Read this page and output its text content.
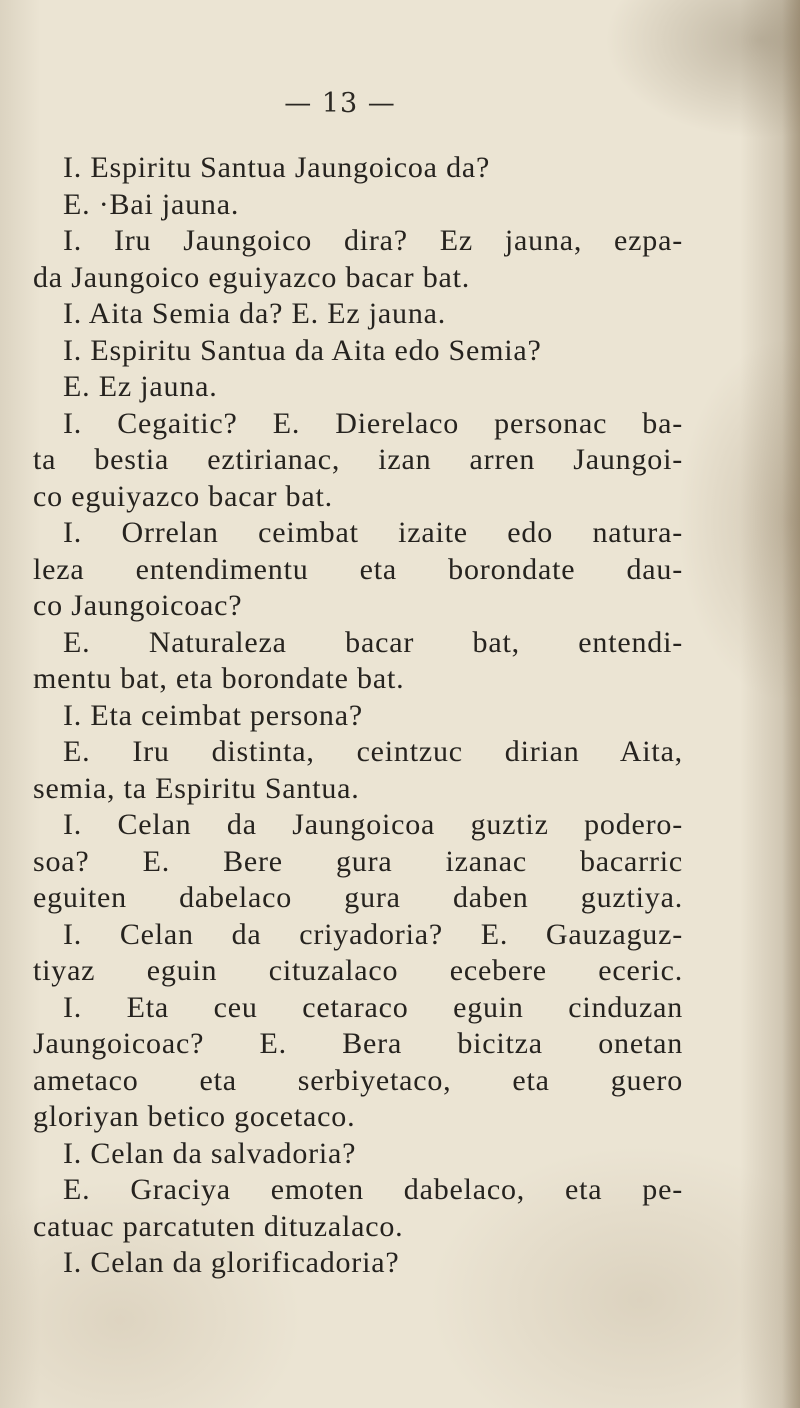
— 13 —
I. Espiritu Santua Jaungoicoa da?
E. ·Bai jauna.
I. Iru Jaungoico dira? Ez jauna, ezpa-
da Jaungoico eguiyazco bacar bat.
I. Aita Semia da? E. Ez jauna.
I. Espiritu Santua da Aita edo Semia?
E. Ez jauna.
I. Cegaitic? E. Dierelaco personac ba-
ta bestia eztirianac, izan arren Jaungoi-
co eguiyazco bacar bat.
I. Orrelan ceimbat izaite edo natura-
leza entendimentu eta borondate dau-
co Jaungoicoac?
E. Naturaleza bacar bat, entendi-
mentu bat, eta borondate bat.
I. Eta ceimbat persona?
E. Iru distinta, ceintzuc dirian Aita,
semia, ta Espiritu Santua.
I. Celan da Jaungoicoa guztiz podero-
soa? E. Bere gura izanac bacarric
eguiten dabelaco gura daben guztiya.
I. Celan da criyadoria? E. Gauzaguz-
tiyaz eguin cituzalaco ecebere eceric.
I. Eta ceu cetaraco eguin cinduzan
Jaungoicoac? E. Bera bicitza onetan
ametaco eta serbiyetaco, eta guero
gloriyan betico gocetaco.
I. Celan da salvadoria?
E. Graciya emoten dabelaco, eta pe-
catuac parcatuten dituzalaco.
I. Celan da glorificadoria?
